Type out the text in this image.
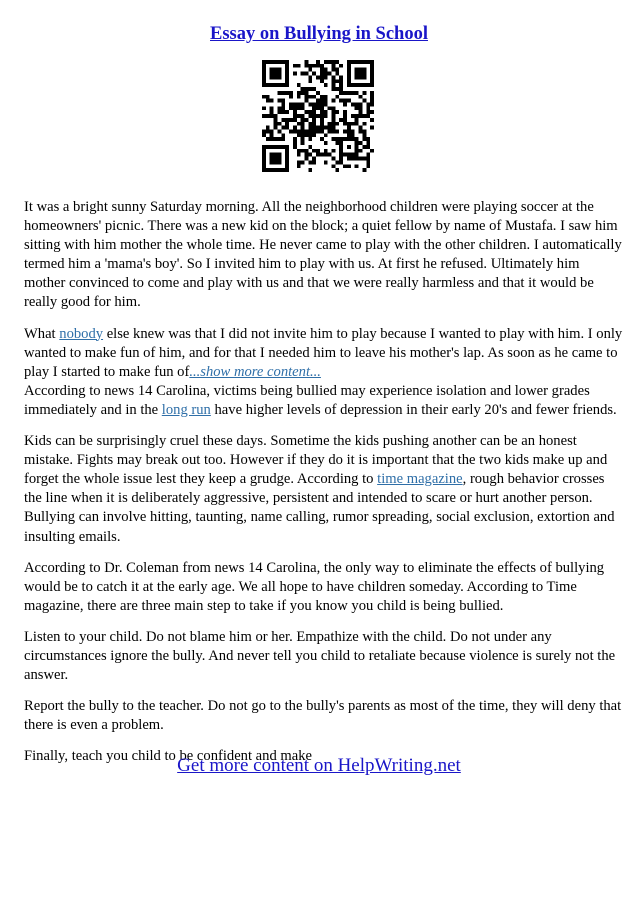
Essay on Bullying in School

It was a bright sunny Saturday morning. All the neighborhood children were playing soccer at the homeowners' picnic. There was a new kid on the block; a quiet fellow by name of Mustafa. I saw him sitting with him mother the whole time. He never came to play with the other children. I automatically termed him a 'mama's boy'. So I invited him to play with us. At first he refused. Ultimately him mother convinced to come and play with us and that we were really harmless and that it would be really good for him.

What nobody else knew was that I did not invite him to play because I wanted to play with him. I only wanted to make fun of him, and for that I needed him to leave his mother's lap. As soon as he came to play I started to make fun of...show more content...

According to news 14 Carolina, victims being bullied may experience isolation and lower grades immediately and in the long run have higher levels of depression in their early 20's and fewer friends.

Kids can be surprisingly cruel these days. Sometime the kids pushing another can be an honest mistake. Fights may break out too. However if they do it is important that the two kids make up and forget the whole issue lest they keep a grudge. According to time magazine, rough behavior crosses the line when it is deliberately aggressive, persistent and intended to scare or hurt another person. Bullying can involve hitting, taunting, name calling, rumor spreading, social exclusion, extortion and insulting emails.

According to Dr. Coleman from news 14 Carolina, the only way to eliminate the effects of bullying would be to catch it at the early age. We all hope to have children someday. According to Time magazine, there are three main step to take if you know you child is being bullied.

Listen to your child. Do not blame him or her. Empathize with the child. Do not under any circumstances ignore the bully. And never tell you child to retaliate because violence is surely not the answer.

Report the bully to the teacher. Do not go to the bully's parents as most of the time, they will deny that there is even a problem.

Finally, teach you child to be confident and make

Get more content on HelpWriting.net
